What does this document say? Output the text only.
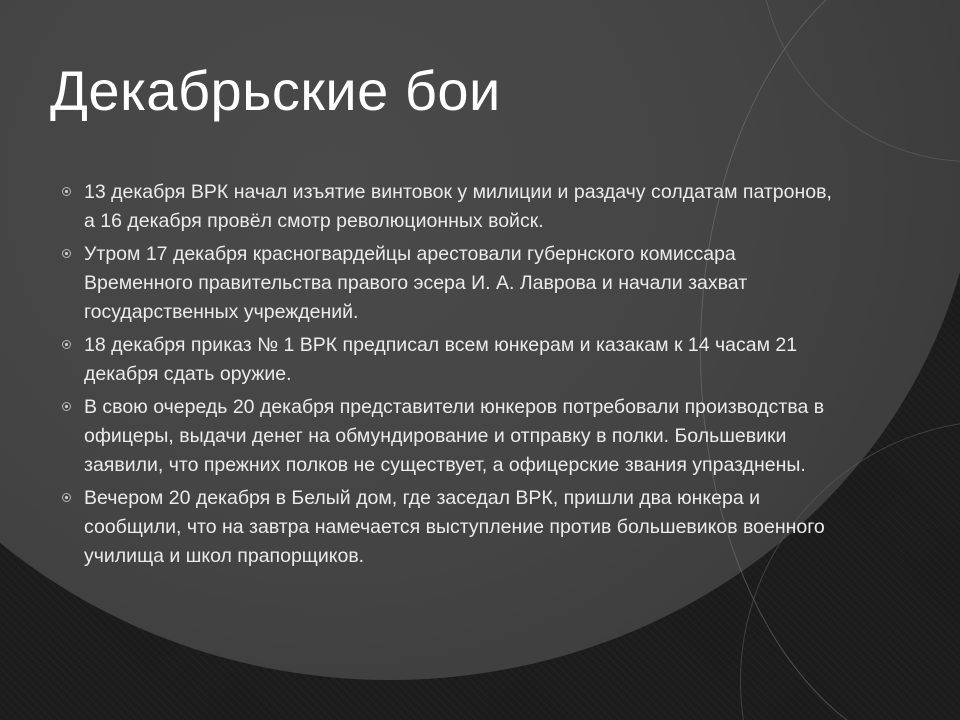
Декабрьские бои
13 декабря ВРК начал изъятие винтовок у милиции и раздачу солдатам патронов, а 16 декабря провёл смотр революционных войск.
Утром 17 декабря красногвардейцы арестовали губернского комиссара Временного правительства правого эсера И. А. Лаврова и начали захват государственных учреждений.
18 декабря приказ № 1 ВРК предписал всем юнкерам и казакам к 14 часам 21 декабря сдать оружие.
В свою очередь 20 декабря представители юнкеров потребовали производства в офицеры, выдачи денег на обмундирование и отправку в полки. Большевики заявили, что прежних полков не существует, а офицерские звания упразднены.
Вечером 20 декабря в Белый дом, где заседал ВРК, пришли два юнкера и сообщили, что на завтра намечается выступление против большевиков военного училища и школ прапорщиков.
